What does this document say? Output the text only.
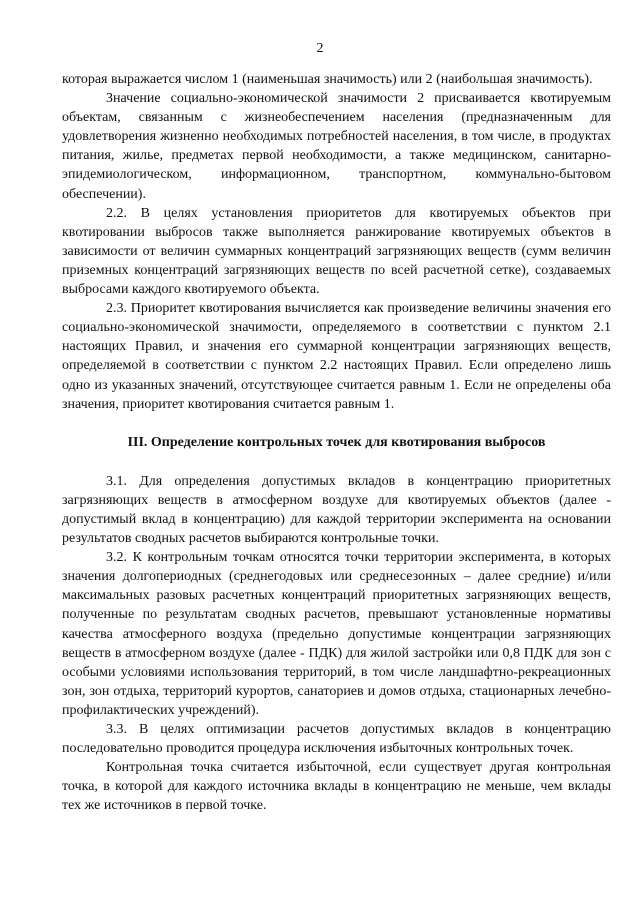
2

которая выражается числом 1 (наименьшая значимость) или 2 (наибольшая значимость).

Значение социально-экономической значимости 2 присваивается квотируемым объектам, связанным с жизнеобеспечением населения (предназначенным для удовлетворения жизненно необходимых потребностей населения, в том числе, в продуктах питания, жилье, предметах первой необходимости, а также медицинском, санитарно-эпидемиологическом, информационном, транспортном, коммунально-бытовом обеспечении).

2.2. В целях установления приоритетов для квотируемых объектов при квотировании выбросов также выполняется ранжирование квотируемых объектов в зависимости от величин суммарных концентраций загрязняющих веществ (сумм величин приземных концентраций загрязняющих веществ по всей расчетной сетке), создаваемых выбросами каждого квотируемого объекта.

2.3. Приоритет квотирования вычисляется как произведение величины значения его социально-экономической значимости, определяемого в соответствии с пунктом 2.1 настоящих Правил, и значения его суммарной концентрации загрязняющих веществ, определяемой в соответствии с пунктом 2.2 настоящих Правил. Если определено лишь одно из указанных значений, отсутствующее считается равным 1. Если не определены оба значения, приоритет квотирования считается равным 1.

III. Определение контрольных точек для квотирования выбросов

3.1. Для определения допустимых вкладов в концентрацию приоритетных загрязняющих веществ в атмосферном воздухе для квотируемых объектов (далее - допустимый вклад в концентрацию) для каждой территории эксперимента на основании результатов сводных расчетов выбираются контрольные точки.

3.2. К контрольным точкам относятся точки территории эксперимента, в которых значения долгопериодных (среднегодовых или среднесезонных – далее средние) и/или максимальных разовых расчетных концентраций приоритетных загрязняющих веществ, полученные по результатам сводных расчетов, превышают установленные нормативы качества атмосферного воздуха (предельно допустимые концентрации загрязняющих веществ в атмосферном воздухе (далее - ПДК) для жилой застройки или 0,8 ПДК для зон с особыми условиями использования территорий, в том числе ландшафтно-рекреационных зон, зон отдыха, территорий курортов, санаториев и домов отдыха, стационарных лечебно-профилактических учреждений).

3.3. В целях оптимизации расчетов допустимых вкладов в концентрацию последовательно проводится процедура исключения избыточных контрольных точек.

Контрольная точка считается избыточной, если существует другая контрольная точка, в которой для каждого источника вклады в концентрацию не меньше, чем вклады тех же источников в первой точке.
